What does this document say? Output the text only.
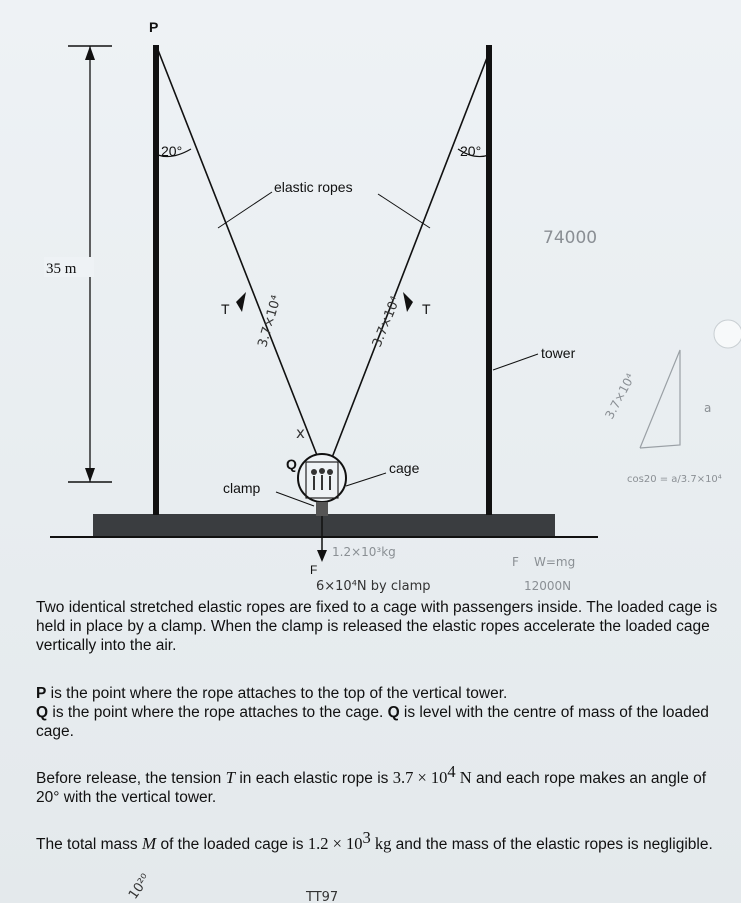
35 m
20°	20°
P
elastic ropes
T	T
tower
Q	cage
clamp
F
74000
3.7×10⁴	3.7×10⁴
x
1.2×10³kg
6×10⁴N by clamp
F W=mg
12000N
3.7×10⁴	a
cos20 = a/3.7×10⁴

Two identical stretched elastic ropes are fixed to a cage with passengers inside. The loaded cage is held in place by a clamp. When the clamp is released the elastic ropes accelerate the loaded cage vertically into the air.

P is the point where the rope attaches to the top of the vertical tower.

Q is the point where the rope attaches to the cage. Q is level with the centre of mass of the loaded cage.

Before release, the tension T in each elastic rope is $3.7 \times 10^4$ N and each rope makes an angle of 20° with the vertical tower.

The total mass M of the loaded cage is $1.2 \times 10^3$ kg and the mass of the elastic ropes is negligible.

10²⁰	TT97
